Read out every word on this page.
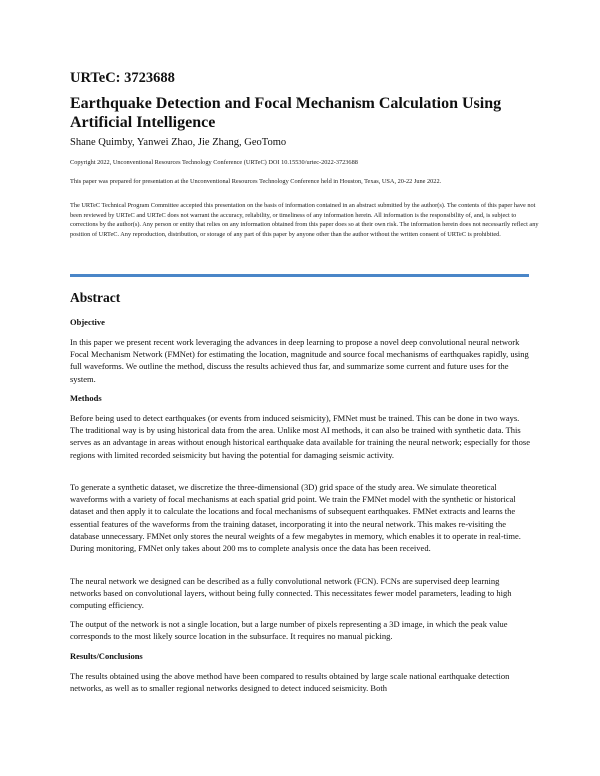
URTeC: 3723688
Earthquake Detection and Focal Mechanism Calculation Using Artificial Intelligence
Shane Quimby, Yanwei Zhao, Jie Zhang, GeoTomo
Copyright 2022, Unconventional Resources Technology Conference (URTeC) DOI 10.15530/urtec-2022-3723688
This paper was prepared for presentation at the Unconventional Resources Technology Conference held in Houston, Texas, USA, 20-22 June 2022.
The URTeC Technical Program Committee accepted this presentation on the basis of information contained in an abstract submitted by the author(s). The contents of this paper have not been reviewed by URTeC and URTeC does not warrant the accuracy, reliability, or timeliness of any information herein. All information is the responsibility of, and, is subject to corrections by the author(s). Any person or entity that relies on any information obtained from this paper does so at their own risk. The information herein does not necessarily reflect any position of URTeC. Any reproduction, distribution, or storage of any part of this paper by anyone other than the author without the written consent of URTeC is prohibited.
Abstract
Objective

In this paper we present recent work leveraging the advances in deep learning to propose a novel deep convolutional neural network Focal Mechanism Network (FMNet) for estimating the location, magnitude and source focal mechanisms of earthquakes rapidly, using full waveforms. We outline the method, discuss the results achieved thus far, and summarize some current and future uses for the system.

Methods

Before being used to detect earthquakes (or events from induced seismicity), FMNet must be trained. This can be done in two ways. The traditional way is by using historical data from the area. Unlike most AI methods, it can also be trained with synthetic data. This serves as an advantage in areas without enough historical earthquake data available for training the neural network; especially for those regions with limited recorded seismicity but having the potential for damaging seismic activity.

To generate a synthetic dataset, we discretize the three-dimensional (3D) grid space of the study area. We simulate theoretical waveforms with a variety of focal mechanisms at each spatial grid point. We train the FMNet model with the synthetic or historical dataset and then apply it to calculate the locations and focal mechanisms of subsequent earthquakes. FMNet extracts and learns the essential features of the waveforms from the training dataset, incorporating it into the neural network. This makes re-visiting the database unnecessary. FMNet only stores the neural weights of a few megabytes in memory, which enables it to operate in real-time. During monitoring, FMNet only takes about 200 ms to complete analysis once the data has been received.

The neural network we designed can be described as a fully convolutional network (FCN). FCNs are supervised deep learning networks based on convolutional layers, without being fully connected. This necessitates fewer model parameters, leading to high computing efficiency.

The output of the network is not a single location, but a large number of pixels representing a 3D image, in which the peak value corresponds to the most likely source location in the subsurface. It requires no manual picking.

Results/Conclusions

The results obtained using the above method have been compared to results obtained by large scale national earthquake detection networks, as well as to smaller regional networks designed to detect induced seismicity. Both
